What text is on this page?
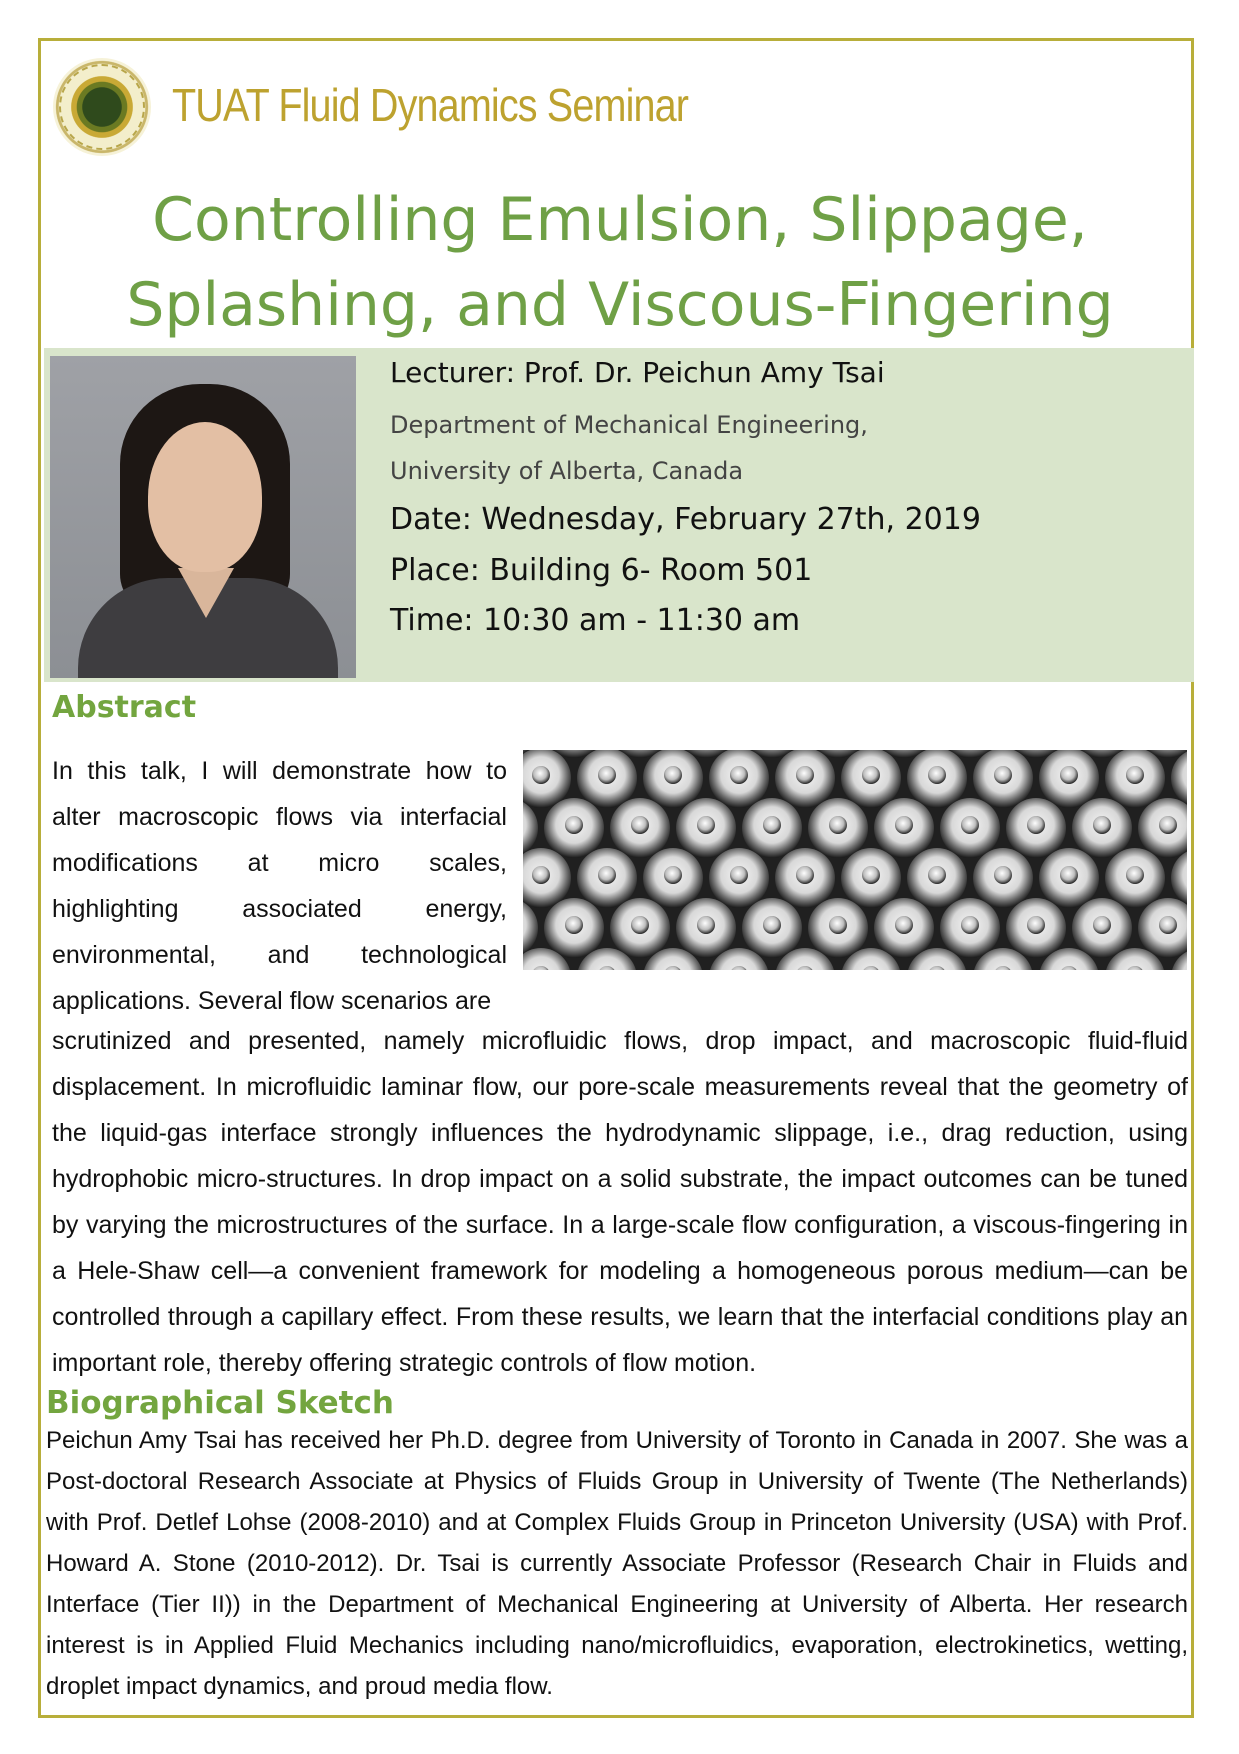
TUAT Fluid Dynamics Seminar
Controlling Emulsion, Slippage,
Splashing, and Viscous-Fingering
Lecturer: Prof. Dr. Peichun Amy Tsai
Department of Mechanical Engineering,
University of Alberta, Canada
Date: Wednesday, February 27th, 2019
Place: Building 6- Room 501
Time: 10:30 am - 11:30 am
Abstract
In this talk, I will demonstrate how to alter macroscopic flows via interfacial modifications at micro scales, highlighting associated energy, environmental, and technological applications. Several flow scenarios are
scrutinized and presented, namely microfluidic flows, drop impact, and macroscopic fluid-fluid displacement. In microfluidic laminar flow, our pore-scale measurements reveal that the geometry of the liquid-gas interface strongly influences the hydrodynamic slippage, i.e., drag reduction, using hydrophobic micro-structures. In drop impact on a solid substrate, the impact outcomes can be tuned by varying the microstructures of the surface. In a large-scale flow configuration, a viscous-fingering in a Hele-Shaw cell—a convenient framework for modeling a homogeneous porous medium—can be controlled through a capillary effect. From these results, we learn that the interfacial conditions play an important role, thereby offering strategic controls of flow motion.
Biographical Sketch
Peichun Amy Tsai has received her Ph.D. degree from University of Toronto in Canada in 2007. She was a Post-doctoral Research Associate at Physics of Fluids Group in University of Twente (The Netherlands) with Prof. Detlef Lohse (2008-2010) and at Complex Fluids Group in Princeton University (USA) with Prof. Howard A. Stone (2010-2012). Dr. Tsai is currently Associate Professor (Research Chair in Fluids and Interface (Tier II)) in the Department of Mechanical Engineering at University of Alberta. Her research interest is in Applied Fluid Mechanics including nano/microfluidics, evaporation, electrokinetics, wetting, droplet impact dynamics, and proud media flow.
